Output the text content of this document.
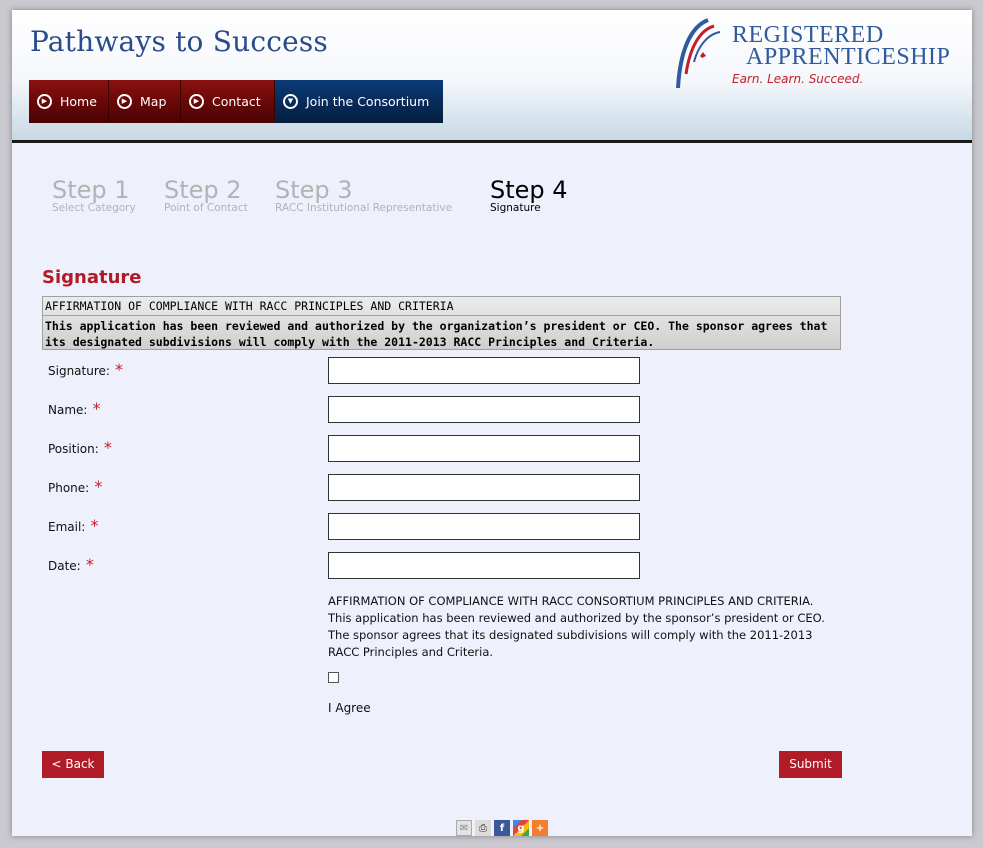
Pathways to Success	REGISTERED
APPRENTICESHIP
Earn. Learn. Succeed.
▶	Home	▶	Map	▶	Contact	▼	Join the Consortium
Step 1
Select Category
Step 2
Point of Contact
Step 3
RACC Institutional Representative
Step 4
Signature
Signature
AFFIRMATION OF COMPLIANCE WITH RACC PRINCIPLES AND CRITERIA
This application has been reviewed and authorized by the organization’s president or CEO. The sponsor agrees that its designated subdivisions will comply with the 2011-2013 RACC Principles and Criteria.
Signature: *
Name: *
Position: *
Phone: *
Email: *
Date: *
AFFIRMATION OF COMPLIANCE WITH RACC CONSORTIUM PRINCIPLES AND CRITERIA. This application has been reviewed and authorized by the sponsor’s president or CEO. The sponsor agrees that its designated subdivisions will comply with the 2011-2013 RACC Principles and Criteria.
I Agree
< Back	Submit
✉	⎙	f	g	+
